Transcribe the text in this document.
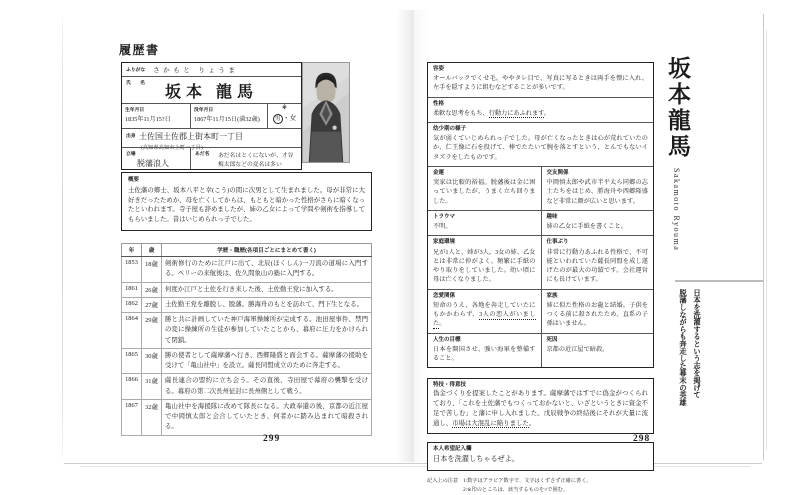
履歴書
ふりがな さかもと りょうま
氏 名	坂本 龍馬
生年月日
1835年11月15?日
没年月日
1867年11月15日(満32歳)
※
男 ・女
出身 土佐国土佐郡上街本町一丁目
(高知県高知市上町一丁目)
立場
脱藩浪人
あだ名 あだ名はとくにないが、才谷梅太郎などの変名は多い
概要
土佐藩の郷士、坂本八平と幸(こう)の間に次男として生まれました。母が非常に大好きだったためか、母を亡くしてからは、もともと暗かった性格がさらに暗くなったといわれます。寺子屋も辞めましたが、姉の乙女によって学問や剣術を指導してもらいました。昔はいじめられっ子でした。
年	歳	学歴・職歴(各項目ごとにまとめて書く)
1853	18歳	剣術修行のために江戸に出て、北辰(ほくしん)一刀流の道場に入門する。ペリーの来航後は、佐久間象山の塾に入門する。
1861	26歳	何度か江戸と土佐を行き来した後、土佐勤王党に加入する。
1862	27歳	土佐勤王党を離脱し、脱藩。勝海舟のもとを訪れて、門下生となる。
1864	29歳	勝と共に計画していた神戸海軍操練所が完成する。池田屋事件、禁門の変に操練所の生徒が参加していたことから、幕府に圧力をかけられて閉鎖。
1865	30歳	勝の使者として薩摩藩へ行き、西郷隆盛と面会する。薩摩藩の援助を受けて「亀山社中」を設立。薩長同盟成立のために奔走する。
1866	31歳	薩長連合の盟約に立ち会う。その直後、寺田屋で幕府の襲撃を受ける。幕府の第二次長州征討に長州側として戦う。
1867	32歳	亀山社中を海援隊に改めて隊長になる。大政奉還の後、京都の近江屋で中岡慎太郎と会合していたとき、何者かに踏み込まれて暗殺される。
299
容姿
オールバックでくせ毛。ややタレ目で、写真に写るときは両手を懐に入れ、左手を隠すように組むなどすることが多いです。
性格
柔軟な思考をもち、行動力にあふれます。
幼少期の様子
気が弱くていじめられっ子でした。母が亡くなったときは心が荒れていたのか、仁王像に石を投げて、棒でたたいて腕を落とすという、とんでもないイタズラをしたものです。
金運
実家は比較的裕福。脱藩後は金に困っていましたが、うまく立ち回りました。
交友関係
中岡慎太郎や武市半平太ら同郷の志士たちをはじめ、勝海舟や西郷隆盛など非常に顔が広いと思います。
トラウマ
不明。
趣味
姉の乙女に手紙を書くこと。
家庭環境
兄が1人と、姉が3人。3女の姉、乙女とは非常に仲がよく、頻繁に手紙のやり取りをしていました。幼い頃に母は亡くなりました。
仕事ぶり
非常に行動力あふれる性格で、不可能といわれていた薩長同盟を成し遂げたのが最大の功績です。会社運営にも長けています。
恋愛関係
短命のうえ、各地を奔走していたにもかかわらず、3人の恋人がいました。
家族
姉に似た性格のお龍と結婚。子供をつくる前に殺されたため、直系の子孫はいません。
人生の目標
日本を開国させ、強い海軍を整備すること。
死因
京都の近江屋で暗殺。
特技・得意技
偽金づくりを提案したことがあります。薩摩藩ではすでに偽金がつくられており、「これを土佐藩でもつくっておかないと、いざというときに資金不足で苦しむ」と藩に申し入れました。戊辰戦争の終結後にそれが大量に流通し、市場は大混乱に陥りました。
本人希望記入欄
日本を洗濯しちゃるぜよ。
記入上の注意 1:数字はアラビア数字で、文字はくずさず正確に書く。
2:※印のところは、該当するものを○で囲む。
298
坂本龍馬
Sakamoto Ryouma
日本を洗濯するという志を掲げて
脱藩しながらも奔走した幕末の英雄
